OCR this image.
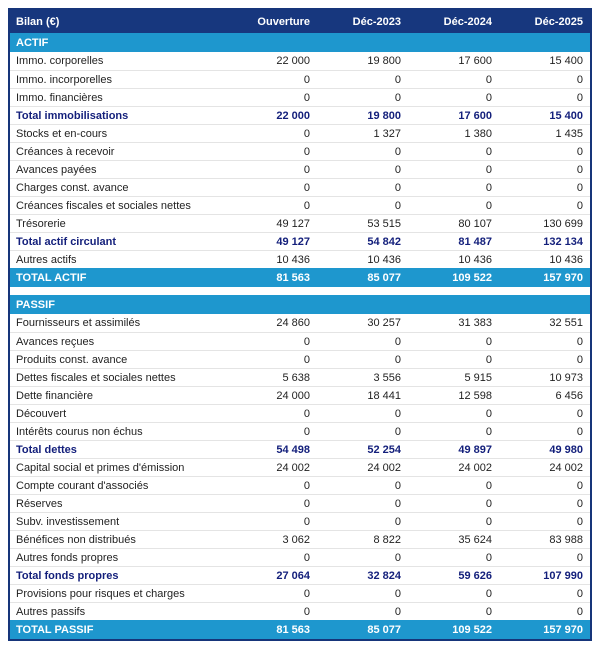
Bilan (€)	Ouverture	Déc-2023	Déc-2024	Déc-2025
ACTIF
Immo. corporelles	22 000	19 800	17 600	15 400
Immo. incorporelles	0	0	0	0
Immo. financières	0	0	0	0
Total immobilisations	22 000	19 800	17 600	15 400
Stocks et en-cours	0	1 327	1 380	1 435
Créances à recevoir	0	0	0	0
Avances payées	0	0	0	0
Charges const. avance	0	0	0	0
Créances fiscales et sociales nettes	0	0	0	0
Trésorerie	49 127	53 515	80 107	130 699
Total actif circulant	49 127	54 842	81 487	132 134
Autres actifs	10 436	10 436	10 436	10 436
TOTAL ACTIF	81 563	85 077	109 522	157 970
PASSIF
Fournisseurs et assimilés	24 860	30 257	31 383	32 551
Avances reçues	0	0	0	0
Produits const. avance	0	0	0	0
Dettes fiscales et sociales nettes	5 638	3 556	5 915	10 973
Dette financière	24 000	18 441	12 598	6 456
Découvert	0	0	0	0
Intérêts courus non échus	0	0	0	0
Total dettes	54 498	52 254	49 897	49 980
Capital social et primes d'émission	24 002	24 002	24 002	24 002
Compte courant d'associés	0	0	0	0
Réserves	0	0	0	0
Subv. investissement	0	0	0	0
Bénéfices non distribués	3 062	8 822	35 624	83 988
Autres fonds propres	0	0	0	0
Total fonds propres	27 064	32 824	59 626	107 990
Provisions pour risques et charges	0	0	0	0
Autres passifs	0	0	0	0
TOTAL PASSIF	81 563	85 077	109 522	157 970
